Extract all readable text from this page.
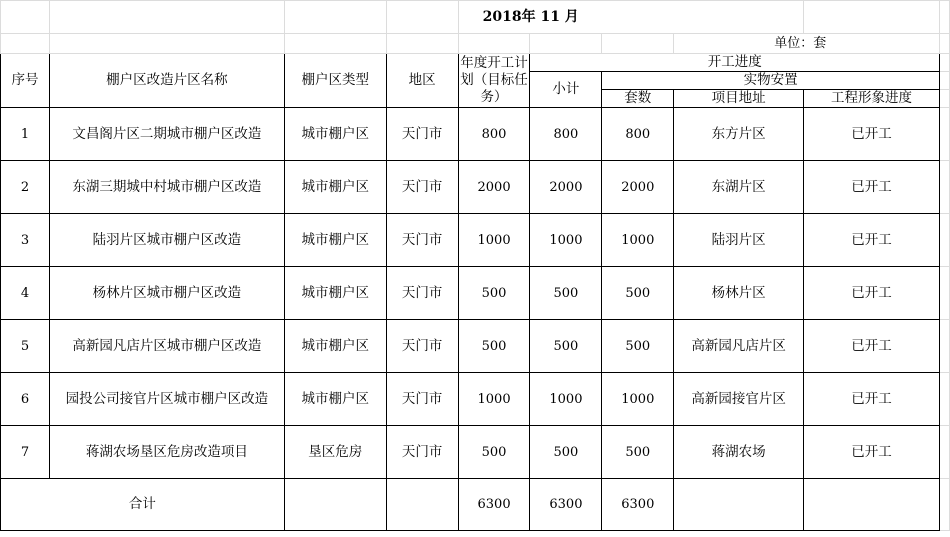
				2018年 11 月					
							单位：套		
序号	棚户区改造片区名称	棚户区类型	地区	年度开工计划（目标任务）	开工进度				
					小计	实物安置			
						套数	项目地址	工程形象进度	
1	文昌阁片区二期城市棚户区改造	城市棚户区	天门市	800	800	800	东方片区	已开工	
2	东湖三期城中村城市棚户区改造	城市棚户区	天门市	2000	2000	2000	东湖片区	已开工	
3	陆羽片区城市棚户区改造	城市棚户区	天门市	1000	1000	1000	陆羽片区	已开工	
4	杨林片区城市棚户区改造	城市棚户区	天门市	500	500	500	杨林片区	已开工	
5	高新园凡店片区城市棚户区改造	城市棚户区	天门市	500	500	500	高新园凡店片区	已开工	
6	园投公司接官片区城市棚户区改造	城市棚户区	天门市	1000	1000	1000	高新园接官片区	已开工	
7	蒋湖农场垦区危房改造项目	垦区危房	天门市	500	500	500	蒋湖农场	已开工	
合计				6300	6300	6300			
